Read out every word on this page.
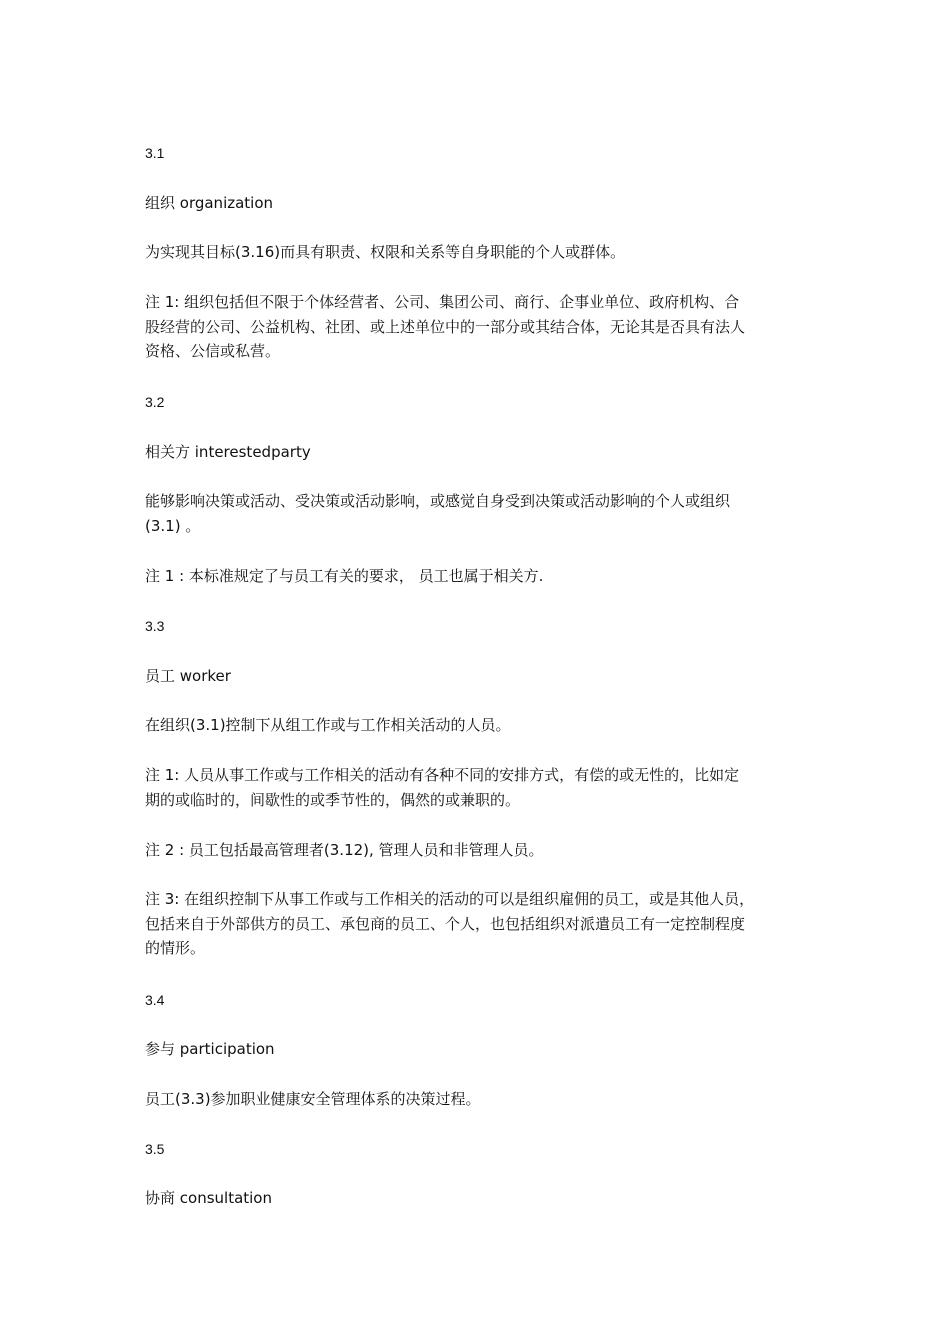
3.1
组织 organization
为实现其目标(3.16)而具有职责、权限和关系等自身职能的个人或群体。
注 1: 组织包括但不限于个体经营者、公司、集团公司、商行、企事业单位、政府机构、合
股经营的公司、公益机构、社团、或上述单位中的一部分或其结合体，无论其是否具有法人
资格、公信或私营。
3.2
相关方 interestedparty
能够影响决策或活动、受决策或活动影响，或感觉自身受到决策或活动影响的个人或组织
(3.1) 。
注 1 : 本标准规定了与员工有关的要求， 员工也属于相关方.
3.3
员工 worker
在组织(3.1)控制下从组工作或与工作相关活动的人员。
注 1: 人员从事工作或与工作相关的活动有各种不同的安排方式，有偿的或无性的，比如定
期的或临时的，间歇性的或季节性的，偶然的或兼职的。
注 2 : 员工包括最高管理者(3.12), 管理人员和非管理人员。
注 3: 在组织控制下从事工作或与工作相关的活动的可以是组织雇佣的员工，或是其他人员，
包括来自于外部供方的员工、承包商的员工、个人，也包括组织对派遣员工有一定控制程度
的情形。
3.4
参与 participation
员工(3.3)参加职业健康安全管理体系的决策过程。
3.5
协商 consultation
